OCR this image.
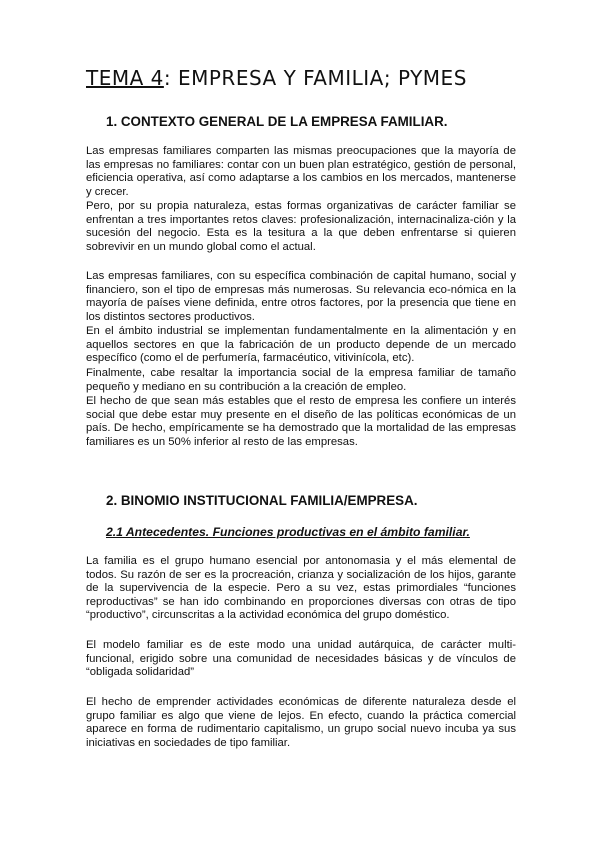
TEMA 4: EMPRESA Y FAMILIA; PYMES
1. CONTEXTO GENERAL DE LA EMPRESA FAMILIAR.

Las empresas familiares comparten las mismas preocupaciones que la mayoría de las empresas no familiares: contar con un buen plan estratégico, gestión de personal, eficiencia operativa, así como adaptarse a los cambios en los mercados, mantenerse y crecer.

Pero, por su propia naturaleza, estas formas organizativas de carácter familiar se enfrentan a tres importantes retos claves: profesionalización, internacinaliza-ción y la sucesión del negocio. Esta es la tesitura a la que deben enfrentarse si quieren sobrevivir en un mundo global como el actual.

Las empresas familiares, con su específica combinación de capital humano, social y financiero, son el tipo de empresas más numerosas. Su relevancia eco-nómica en la mayoría de países viene definida, entre otros factores, por la presencia que tiene en los distintos sectores productivos.

En el ámbito industrial se implementan fundamentalmente en la alimentación y en aquellos sectores en que la fabricación de un producto depende de un mercado específico (como el de perfumería, farmacéutico, vitivinícola, etc).

Finalmente, cabe resaltar la importancia social de la empresa familiar de tamaño pequeño y mediano en su contribución a la creación de empleo.

El hecho de que sean más estables que el resto de empresa les confiere un interés social que debe estar muy presente en el diseño de las políticas económicas de un país. De hecho, empíricamente se ha demostrado que la mortalidad de las empresas familiares es un 50% inferior al resto de las empresas.

2. BINOMIO INSTITUCIONAL FAMILIA/EMPRESA.
2.1 Antecedentes. Funciones productivas en el ámbito familiar.

La familia es el grupo humano esencial por antonomasia y el más elemental de todos. Su razón de ser es la procreación, crianza y socialización de los hijos, garante de la supervivencia de la especie. Pero a su vez, estas primordiales “funciones reproductivas” se han ido combinando en proporciones diversas con otras de tipo “productivo”, circunscritas a la actividad económica del grupo doméstico.

El modelo familiar es de este modo una unidad autárquica, de carácter multi-funcional, erigido sobre una comunidad de necesidades básicas y de vínculos de “obligada solidaridad”

El hecho de emprender actividades económicas de diferente naturaleza desde el grupo familiar es algo que viene de lejos. En efecto, cuando la práctica comercial aparece en forma de rudimentario capitalismo, un grupo social nuevo incuba ya sus iniciativas en sociedades de tipo familiar.
